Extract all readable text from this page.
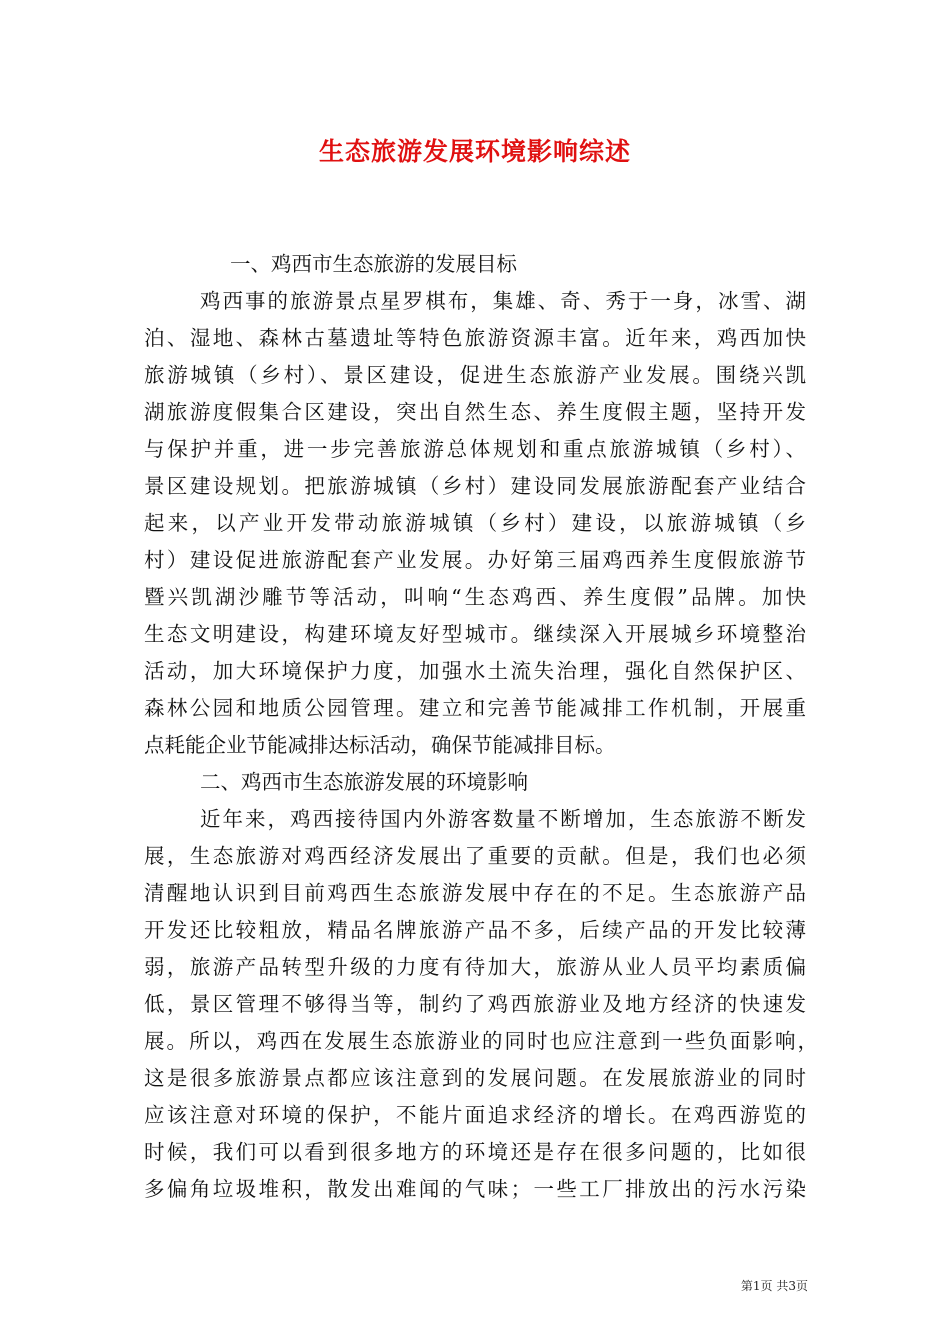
生态旅游发展环境影响综述
一、鸡西市生态旅游的发展目标
鸡西事的旅游景点星罗棋布，集雄、奇、秀于一身，冰雪、湖
泊、湿地、森林古墓遗址等特色旅游资源丰富。近年来，鸡西加快
旅游城镇（乡村）、景区建设，促进生态旅游产业发展。围绕兴凯
湖旅游度假集合区建设，突出自然生态、养生度假主题，坚持开发
与保护并重，进一步完善旅游总体规划和重点旅游城镇（乡村）、
景区建设规划。把旅游城镇（乡村）建设同发展旅游配套产业结合
起来，以产业开发带动旅游城镇（乡村）建设，以旅游城镇（乡
村）建设促进旅游配套产业发展。办好第三届鸡西养生度假旅游节
暨兴凯湖沙雕节等活动，叫响“生态鸡西、养生度假”品牌。加快
生态文明建设，构建环境友好型城市。继续深入开展城乡环境整治
活动，加大环境保护力度，加强水土流失治理，强化自然保护区、
森林公园和地质公园管理。建立和完善节能减排工作机制，开展重
点耗能企业节能减排达标活动，确保节能减排目标。
二、鸡西市生态旅游发展的环境影响
近年来，鸡西接待国内外游客数量不断增加，生态旅游不断发
展，生态旅游对鸡西经济发展出了重要的贡献。但是，我们也必须
清醒地认识到目前鸡西生态旅游发展中存在的不足。生态旅游产品
开发还比较粗放，精品名牌旅游产品不多，后续产品的开发比较薄
弱，旅游产品转型升级的力度有待加大，旅游从业人员平均素质偏
低，景区管理不够得当等，制约了鸡西旅游业及地方经济的快速发
展。所以，鸡西在发展生态旅游业的同时也应注意到一些负面影响，
这是很多旅游景点都应该注意到的发展问题。在发展旅游业的同时
应该注意对环境的保护，不能片面追求经济的增长。在鸡西游览的
时候，我们可以看到很多地方的环境还是存在很多问题的，比如很
多偏角垃圾堆积，散发出难闻的气味；一些工厂排放出的污水污染
第1页 共3页
